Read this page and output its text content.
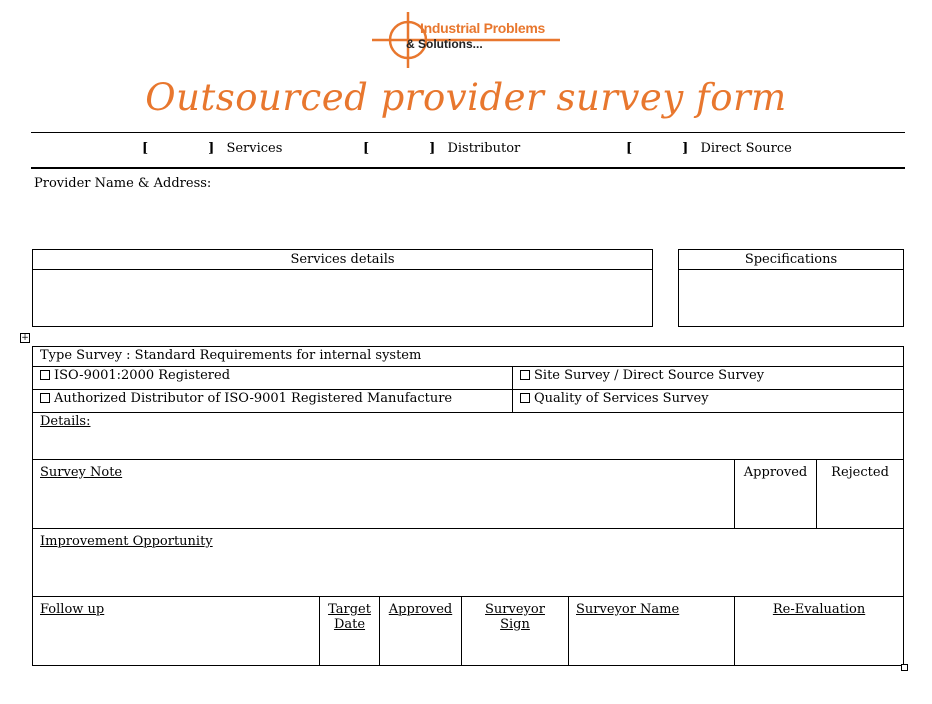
Industrial Problems
& Solutions...
Outsourced provider survey form
[	] Services	[	] Distributor	[	] Direct Source
Provider Name & Address:
Services details	Specifications
+
Type Survey : Standard Requirements for internal system							
ISO-9001:2000 Registered				Site Survey / Direct Source Survey			
Authorized Distributor of ISO-9001 Registered Manufacture				Quality of Services Survey			
Details:							
Survey Note						Approved	Rejected
Improvement Opportunity							
Follow up	Target Date	Approved	Surveyor Sign		Surveyor Name	Re-Evaluation	
